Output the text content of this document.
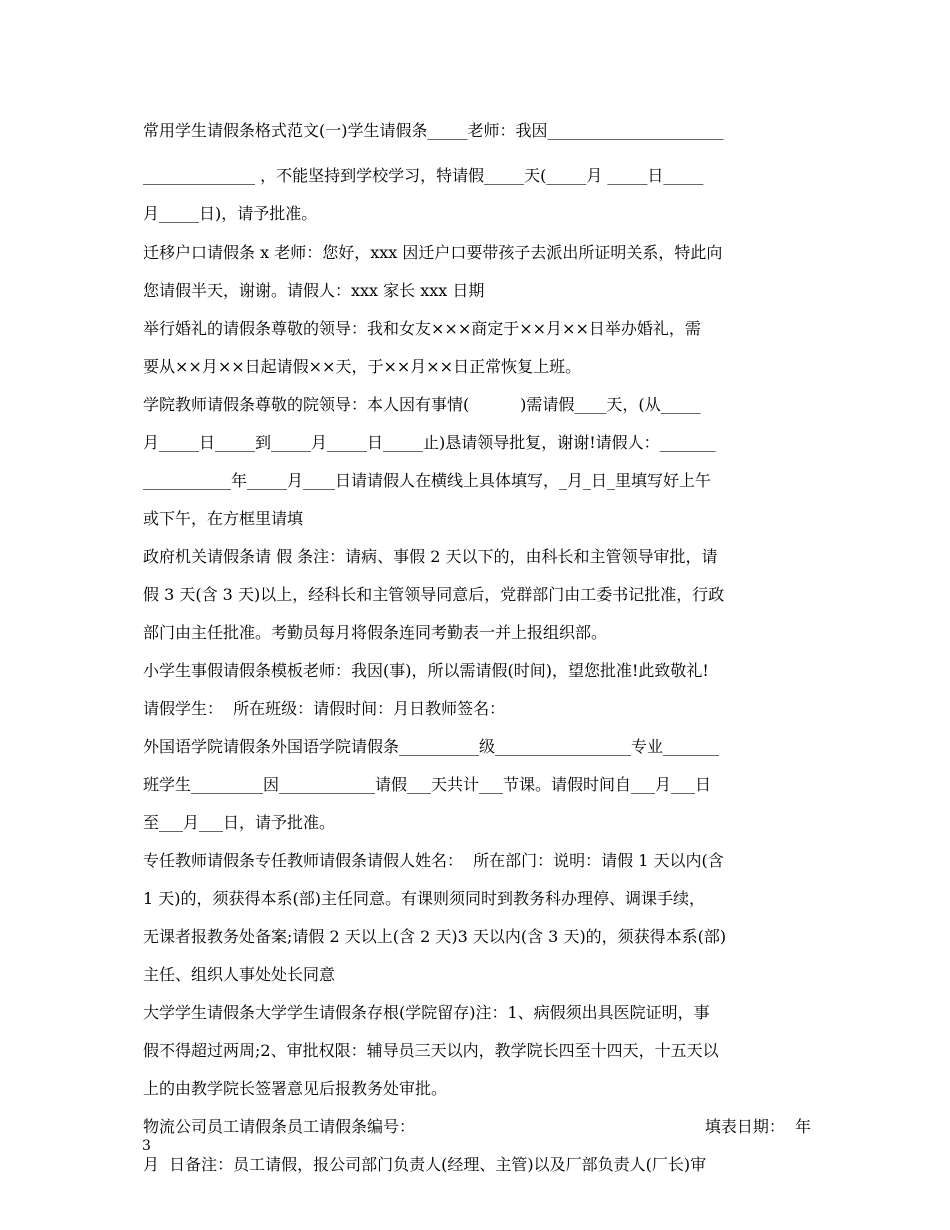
常用学生请假条格式范文(一)学生请假条_____老师：我因______________________
______________ ，不能坚持到学校学习，特请假_____天(_____月 _____日_____
月_____日)，请予批准。
迁移户口请假条 x 老师：您好，xxx 因迁户口要带孩子去派出所证明关系，特此向
您请假半天，谢谢。请假人：xxx 家长 xxx 日期
举行婚礼的请假条尊敬的领导：我和女友×××商定于××月××日举办婚礼，需
要从××月××日起请假××天，于××月××日正常恢复上班。
学院教师请假条尊敬的院领导：本人因有事情(          )需请假____天，(从_____
月_____日_____到_____月_____日_____止)恳请领导批复，谢谢!请假人：_______
___________年_____月____日请请假人在横线上具体填写，_月_日_里填写好上午
或下午，在方框里请填
政府机关请假条请 假 条注：请病、事假 2 天以下的，由科长和主管领导审批，请
假 3 天(含 3 天)以上，经科长和主管领导同意后，党群部门由工委书记批准，行政
部门由主任批准。考勤员每月将假条连同考勤表一并上报组织部。
小学生事假请假条模板老师：我因(事)，所以需请假(时间)，望您批准!此致敬礼!
请假学生：  所在班级：请假时间：月日教师签名：
外国语学院请假条外国语学院请假条__________级_________________专业_______
班学生_________因____________请假___天共计___节课。请假时间自___月___日
至___月___日，请予批准。
专任教师请假条专任教师请假条请假人姓名：  所在部门：说明：请假 1 天以内(含
1 天)的，须获得本系(部)主任同意。有课则须同时到教务科办理停、调课手续，
无课者报教务处备案;请假 2 天以上(含 2 天)3 天以内(含 3 天)的，须获得本系(部)
主任、组织人事处处长同意
大学学生请假条大学学生请假条存根(学院留存)注：1、病假须出具医院证明，事
假不得超过两周;2、审批权限：辅导员三天以内，教学院长四至十四天，十五天以
上的由教学院长签署意见后报教务处审批。
物流公司员工请假条员工请假条编号：	填表日期：  年
月  日备注：员工请假，报公司部门负责人(经理、主管)以及厂部负责人(厂长)审
3
